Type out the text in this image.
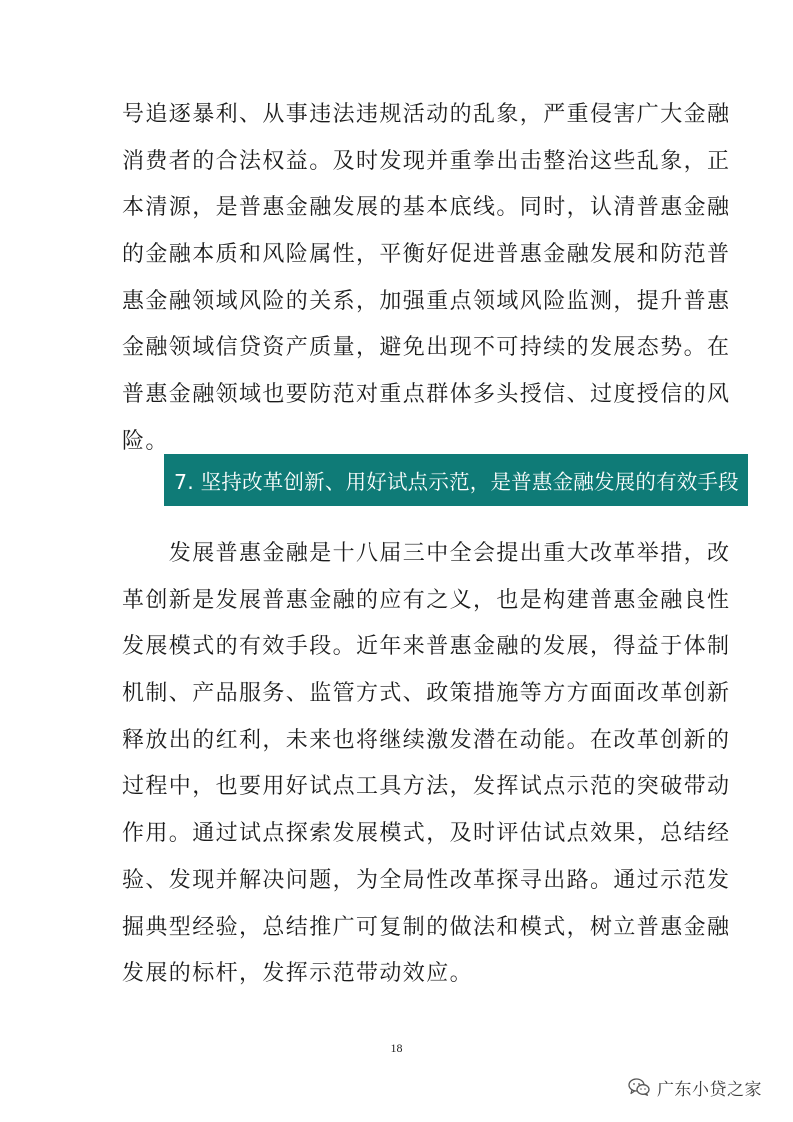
号追逐暴利、从事违法违规活动的乱象，严重侵害广大金融
消费者的合法权益。及时发现并重拳出击整治这些乱象，正
本清源，是普惠金融发展的基本底线。同时，认清普惠金融
的金融本质和风险属性，平衡好促进普惠金融发展和防范普
惠金融领域风险的关系，加强重点领域风险监测，提升普惠
金融领域信贷资产质量，避免出现不可持续的发展态势。在
普惠金融领域也要防范对重点群体多头授信、过度授信的风
险。
7. 坚持改革创新、用好试点示范，是普惠金融发展的有效手段
　　发展普惠金融是十八届三中全会提出重大改革举措，改
革创新是发展普惠金融的应有之义，也是构建普惠金融良性
发展模式的有效手段。近年来普惠金融的发展，得益于体制
机制、产品服务、监管方式、政策措施等方方面面改革创新
释放出的红利，未来也将继续激发潜在动能。在改革创新的
过程中，也要用好试点工具方法，发挥试点示范的突破带动
作用。通过试点探索发展模式，及时评估试点效果，总结经
验、发现并解决问题，为全局性改革探寻出路。通过示范发
掘典型经验，总结推广可复制的做法和模式，树立普惠金融
发展的标杆，发挥示范带动效应。
18
广东小贷之家
